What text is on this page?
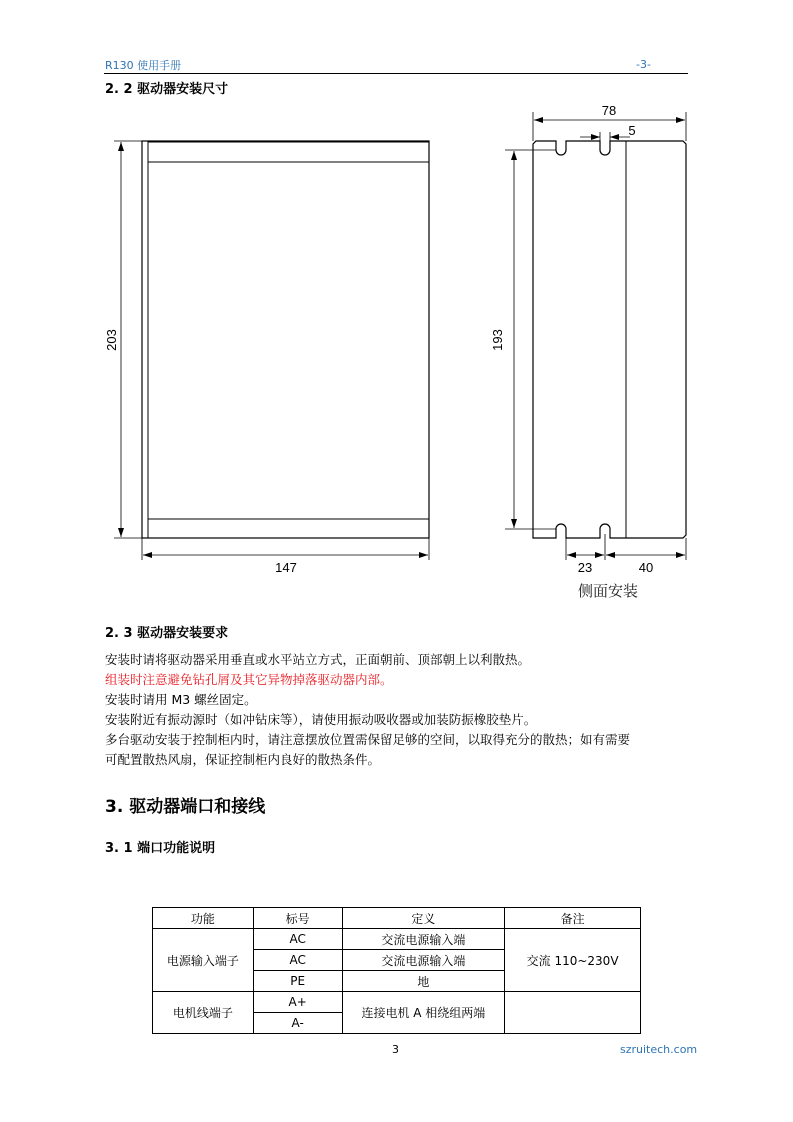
R130 使用手册	-3-
2. 2 驱动器安装尺寸
203
147
78
5
193
23	40
侧面安装
2. 3 驱动器安装要求
安装时请将驱动器采用垂直或水平站立方式，正面朝前、顶部朝上以利散热。
组装时注意避免钻孔屑及其它异物掉落驱动器内部。
安装时请用 M3 螺丝固定。
安装附近有振动源时（如冲钻床等），请使用振动吸收器或加装防振橡胶垫片。
多台驱动安装于控制柜内时，请注意摆放位置需保留足够的空间，以取得充分的散热；如有需要
可配置散热风扇，保证控制柜内良好的散热条件。
3. 驱动器端口和接线
3. 1 端口功能说明
功能	标号	定义	备注
电源输入端子	AC	交流电源输入端	交流 110~230V
	AC	交流电源输入端	
	PE	地	
电机线端子	A+	连接电机 A 相绕组两端	
	A-		
3	szruitech.com
